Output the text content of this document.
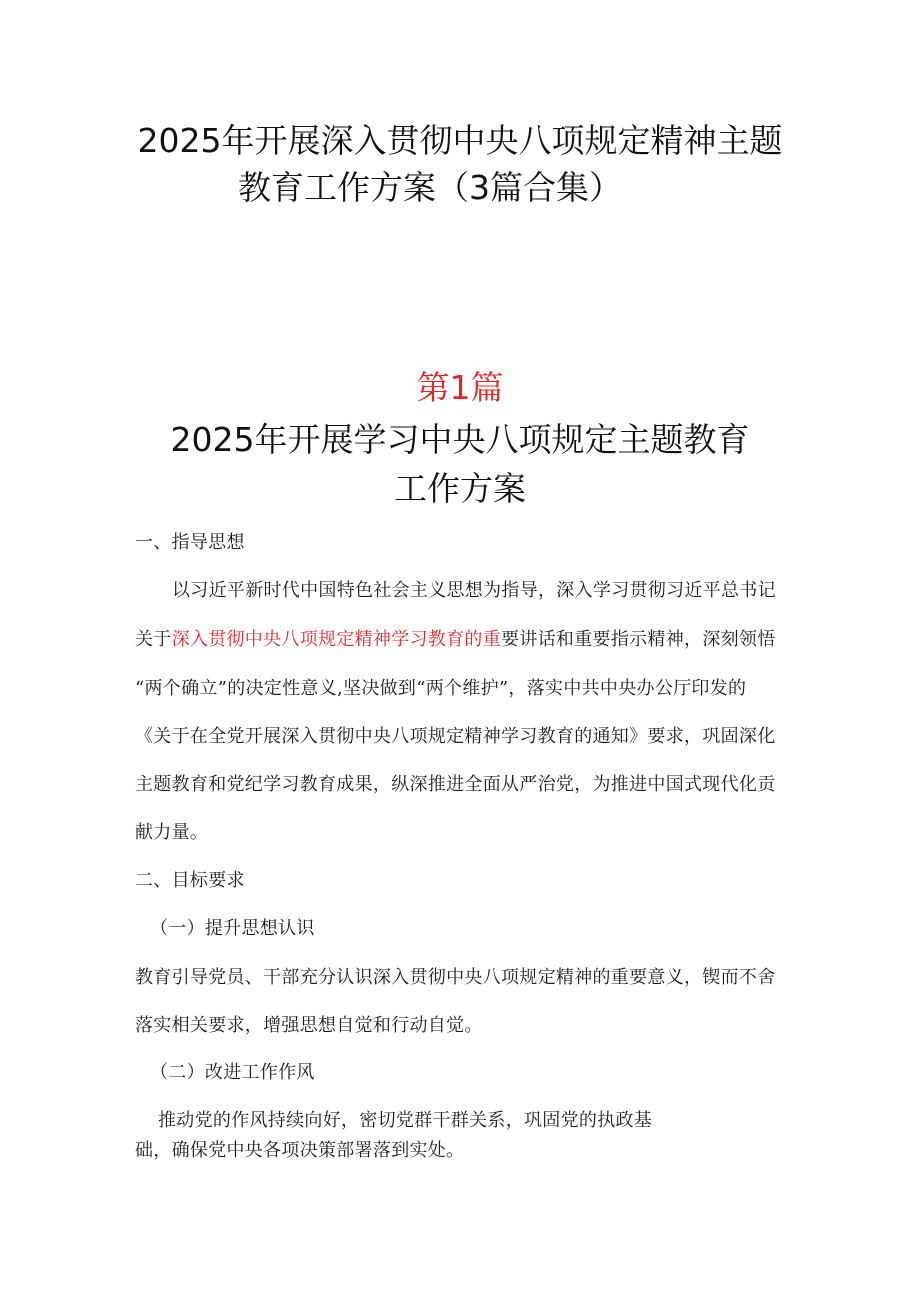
2025年开展深入贯彻中央八项规定精神主题
教育工作方案（3篇合集）
第1篇
2025年开展学习中央八项规定主题教育
工作方案
一、指导思想
以习近平新时代中国特色社会主义思想为指导，深入学习贯彻习近平总书记
关于深入贯彻中央八项规定精神学习教育的重要讲话和重要指示精神，深刻领悟
“两个确立”的决定性意义,坚决做到“两个维护”，落实中共中央办公厅印发的
《关于在全党开展深入贯彻中央八项规定精神学习教育的通知》要求，巩固深化
主题教育和党纪学习教育成果，纵深推进全面从严治党，为推进中国式现代化贡
献力量。
二、目标要求
（一）提升思想认识
教育引导党员、干部充分认识深入贯彻中央八项规定精神的重要意义，锲而不舍
落实相关要求，增强思想自觉和行动自觉。
（二）改进工作作风
推动党的作风持续向好，密切党群干群关系，巩固党的执政基
础，确保党中央各项决策部署落到实处。
